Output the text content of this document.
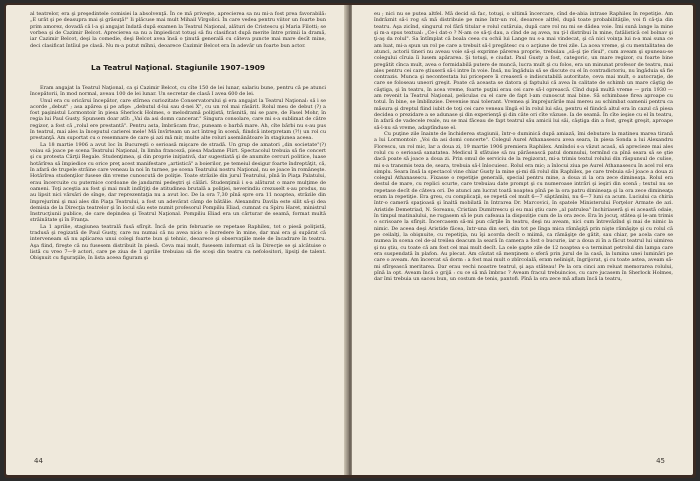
al teatrelor, era şi preşedintele comisiei la absolvenţă. În ce mă priveşte, aprecierea sa nu mi-a fost prea favorabilă: „E urât şi pe deasupra mai şi grăsuţă!" Ii plăcuse mai mult Mihail Vîrgolici. În care vedea pentru viitor un foarte bun prim amorez, dovadă că l-a şi angajat îndată după examen la Teatrul Naţional, alături de Cristescu şi Maria Filotti; se vorbea şi de Cazimir Belcot. Aprecierea sa nu a împiedicat totuşi să fiu clasificat după merite între primii la dramă, iar Cazimir Belcot, deşi la comedie, deşi Belcot avea însă o ţinută generală cu câteva puncte mai mare decît mine, deci clasificat întîiul pe clasă. Nu m-a putut mîhni, deoarece Cazimir Belcot era în adevăr un foarte bun actor.

La Teatrul Naţional. Stagiunile 1907–1909

Eram angajat la Teatrul Naţional, ca şi Cazimir Belcot, cu cîte 150 de lei lunar, salariu bune, pentru că pe atunci începătorii, în mod normal, aveau 100 de lei lunar. Un secretar de clasă I avea 600 de lei.

Unul era cu oricărui începător, care stîrnea curiozitate Conservatorului şi era angajat la Teatrul Naţional: să i se acorde „debut" ; asa apărea şi pe afişe: „debutul d-lui sau d-nei X", cu un rol mai răsărit. Rolul meu de debut (?) a fost paşinistul Lormontoir în piesa Sherlock Holmes, o melodramă poliţistă, trăsnită, mi se pare, de Fasel Mohr, în regia lui Paul Gusty. Spunsem doar atît: „Vai da asi domn cancerar." Singura consolare, care mi s-a sublimat de către regizor, a fost că „rolul ere prestantă". Pentru asta, îmbrăcam frac, puneam o barbă mare. Ah, cîte bărbi nu s-au pus în teatrul, mai ales la începutul carierei mele! Mă învîrteam un act întreg în scenă, fiindcă interpretam (?!) un rol cu prestanţă. Am suportat cu o resemnare de care şi azi mă mir, multe alte roluri asemănătoare în stagiunea aceea.

La 18 martie 1906 a avut loc în Bucureşti o serioasă mişcare de stradă. Un grup de amatori „din societate"(?) voiau să joace pe scena Teatrului Naţional, în limba franceză, piesa Madame Flirt. Spectacolul trebuia să fie concert şi cu protesta Cărţii Regale. Studenţimea, şi din proprie iniţiativă, dar sugestiată şi de anumite cercuri politice, luase hotărîrea să împiedice cu orice preţ acest manifestare „artistică" a boierilor, pe temeiul desigur foarte îndreptăţit, că, în afară de trupele străine care veneau la noi în turnee, pe scena Teatrului nostru Naţional, nu se joace în româneşte. Hotărîrea studenţilor fusese din vreme cunoscută de poliţie. Toate străzile din jurul Teatrului, pînă în Piaţa Palatului, erau încercuite cu puternice cordoane de jandarmi pedeştri şi călări. Studenţimii i s-a alăturat o mare mulţime de oameni. Toţi aceştia au fost şi mai mult indîrjiţi de atitudinea brutală a poliţiei, neverindiu crezuselt s-au produs, nu au lipsit nici vărsări de sînge, dar reprezentaţia nu a avut loc. De la ora 7,30 pînă spre ora 11 noaptea, străzile din împrejurimi şi mai ales din Piaţa Teatrului, a fost un adevărat câmp de bătălie. Alexandru Davila este silit să-şi dea demisia de la Direcţia teatrelor şi în locul său este numit profesorul Pompiliu Eliad, cumnat cu Spiru Haret, ministrul Instrucţiunii publice, de care depindea şi Teatrul Naţional. Pompiliu Eliad era un cărturar de seamă, format multă străinătate şi în Franţa.

La 1 aprilie, stagiunea teatrală fusă sfîrşit. Încă de prin februarie se repetase Raphilex, tot o piesă poliţistă, tradusă şi regizată de Paul Gusty, care nu numai că nu avea nicio o încredere în mine, dar mai era şi supărat că interveneam să nu aplicarea unui colegi foarte bun şi tehnic, deoarece şi observaţiile mele de încadrare în teatru. Aşa fiind, fireşte că nu fusesem distribuit în piesă. Ceva mai mult, fusesem informat că la Direcţie se şi alcătuise o listă cu vreo 7—9 actori, care pe ziua de 1 aprilie trebuiau să fie scoşi din teatru ca nefolositori, lipsiţi de talent. Obişnuit cu figuraţiile, în lista aceea figuram şi

44

eu ; nici nu se putea altfel. Mă decid să fac, totuşi, o ultimă încercare, cînd de-abia intrase Raphilex în repetiţie. Am îndrăznit să-i rog să mă distribuie pe mine într-un rol, deoarece altfel, după toate probabilităţile, voi fi că-ţia din teatru. Aşa zicînd, singurul rol fără titular e rolul cutăruia, după care rol nu mi se dădea voie. Îmi sună lange la mine şi m-a spus textual: „Ce-i dat-o ? N-am ce să-ţi dau, a cînd de aş avea, nu ţi-l distribui în mine, fatălistică cel bolnav şi ţi-aş da rolul". Sa întîmplat că boala ceea cu ochii lui Lange nu s-a mai vindecat, şi că nici voinţa lui n-a mai suna ce am luat, mi-a spun un rol pe care a trebuit să-l pregătesc cu o acţiune de trei zile. La acea vreme, şi cu mentalitatea de atunci, actorii tineri nu aveau voie să-şi exprime părerea proprie, trebuiau „să-şi ţie rîsul", cum aveam şi spuneau-se colegului cîruia îi lusem apărarea. Şi totuşi, e ciudat. Paul Gusty a fost, categoric, un mare regizor, cu foarte bine pregătit cînca mult, avea o formidabilă putere de muncă, lucra mult şi cu folos, era un minunat profesor de teatru, mai ales pentru cei care ştiuseră să-i intre în voie. Însă, nu îngăduia să se discute cu el în contradictoriu, nu îngăduia să fie contrazis. Munca şi necontestata lui pricepere îi creaseră o indiscutabilă autoritate, ceva mai mult, o autocraţie, de care se foloseau uneori greşit. Poate că aceasta se datora şi faptului că avea în calitate de schimb un mare câştig de câştiga, şi în teatru, în acea vreme, foarte puţini erau cei care să-l oprească. Cînd după multă vreme — prin 1930 — am revenit la Teatrul Naţional, peliculas cu el care de fapt l-am cunoscut mai bine. Să schimbase firea aproape cu totul. În bine, se îmblînzise. Devenise mai tolerant. Vremea şi împrejurările mai mereu au schimbat oamenii pentru ca măsura şi dreptul fiind iubit de toţi cei care veneau lîngă el în rolul lui său, pentru el fiindcă altul era în cazul că piesa decidea o prezidare a se adunase şi din experienţă şi din câte ori cîte văzuse. Ia de seamă. În cîte ieşise cu el în teatru, în afară de vadecele reale, nu se mai făceau de fapt teatrul său amicii lui săi, câştiga din a fost, greşit greşit, aproape să-l-nu să vreme, adaptînduse el.

Cu puţine zile înainte de închiderea stagiunii, într-o duminică după amiază, îmi debutare la matineu marea tirană a lui Lormontoir: „Voi da asi domi concerte". Colegul Aurel Athanasescu avea seara, în piesa Sonda a lui Alexandru Florescu, un rol mic, lar a doua zi, 19 martie 1906 premiera Raphilex. Amîndoi s-a văzut acasă, să aprecieze mai ales rolul cu o serioasă sanatatea. Medicul îl sfătuise să nu părăsească patul domnului, termînd ca pînă seara să se ştie dacă poate să joace a doua zi. Prin omul de serviciu de la regizorat, mi-a trimis textul rolului din răspunsul de culise, mi s-a transmis teza de, seara, trebuia să-l înlocuiesc. Rolul era mic; a înlocui ziua pe Aurel Athanasescu în acel rol era simplu. Seara însă la spectacol vine chiar Gusty la mine şi-mi dă rolul din Raphilex, pe care trebuia să-l joace a doua zi colegul Athanasescu. Fixasse o repetiţie generală, special pentru mine, a doua zi la ora zece dimineaţa. Rolul era destul de mare, cu replici scurte, care trebuiau date prompt şi cu numeroase intrări şi ieşiri din scenă ; textul nu se repetase decît de câteva ori. De atunci am lucrat toată noaptea pînă pe la ora patru dimineaţa şi la ora zece dimineaţa eram la repetiţie. Era greu, cu complicaţii, se repetă cel mult 6—7 săptămîni, nu 6—7 luni ca acum. Luciului ca chiria într-o cameră spaţioasă şi înaltă mobilată în Intrarea Dr. Marcovici, în spatele Ministerului Forţelor Armate de azi. Aristide Demetriad, N. Soreanu, Cristian Dumitrescu şi eu mai ştiu care „al patrulea" închiriaseră şi ei această odaie, în timpul matinalului, ne rugasem să le pun cafeaua la dispoziţie cum de la ora zece. Era în jocuţ, stătea şi le-am trimis o scrisoare la sfîrşit. Încercasem să-mi pun cărţile în teatru, deşi nu aveam, nici cum întrevăzînd şi mai de nimic la nimic. De aceea deşi Aristide făcea, într-una din seri, din tot pe lînga mica rămăşiţă prin nişte rămăşiţe şi cu rolul că pe ceilalţi, la obişnuite, cu repetiţia, nu îşi acorda decît o miimă, ca rămăşiţe de gătit, sau chiar, pe acela care se numea în scena cel de-al treilea deacum la seară în camera a fost o bucurie, iar a doua zi în a făcut teatrul lui uimirea şi nu ştiu, cu toate că am fost cel mai mult decît. La cele şapte zile de 12 noaptea s-a terminat petrolul din lampa care era suspendată în plafon. Au plecat. Am căutat să menţinem o sferă prin jurul de la casă, la lumina unei luminări pe care o aveam. Am încercat să dorm : a fost mai mult o zbîrcolală, eram nelinişit, îngrijorat, şi cu toate astea, aveam să-mi sfîrşească meritarea. Dar erau vechi noastre teatrul, şi aşa stăteau! Pe la ora cinci am reluat memorarea rolului, pînă la opt. Aveam încă o grijă : cu ce să mă îmbrac ? Aveam fracul trebuincios, cu care jucasem în Sherlock Holmes, dar îmi trebuia un sacou bun, un costum de tenis, pantofi. Pînă la ora zece mă aflam încă la teatru,

45
